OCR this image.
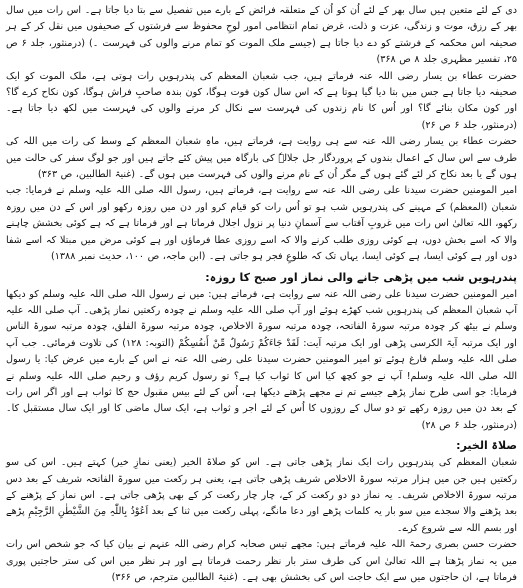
دی کے لئے متعین ہیں سال بھر کے لئے اُن کو اُن کے متعلقہ فرائض کے بارے میں تفصیل سے بتا دیا جاتا ہے۔ اس رات میں سال بھر کے رزق، موت و زندگی، عزت و ذلت، غرض تمام انتظامی امور لوحِ محفوظ سے فرشتوں کے صحیفوں میں نقل کر کے ہر صحیفہ اس محکمہ کے فرشتے کو دے دیا جاتا ہے (جیسے ملک الموت کو تمام مرنے والوں کی فہرست ۔) (درمنثور، جلد ۶ ص ۲۵، تفسیر مظہری جلد ۸ ص ۳۶۸)

حضرت عطاء بن یسار رضی اللہ عنہ فرماتے ہیں، جب شعبان المعظم کی پندرہویں رات ہوتی ہے، ملک الموت کو ایک صحیفہ دیا جاتا ہے جس میں بتا دیا گیا ہوتا ہے کہ اس سال کون فوت ہوگا، کون بندہ صاحبِ فراش ہوگا، کون نکاح کرے گا؟ اور کون مکان بنائے گا؟ اور اُس کا نام زندوں کی فہرست سے نکال کر مرنے والوں کی فہرست میں لکھ دیا جاتا ہے۔ (درمنثور، جلد ۶ ص ۲۶)

حضرت عطاء بن یسار رضی اللہ عنہ سے ہی روایت ہے، فرماتے ہیں، ماہِ شعبان المعظم کے وسط کی رات میں اللہ کی طرف سے اس سال کے اعمال بندوں کے پروردگار جل جلالہٗ کی بارگاہ میں پیش کئے جاتے ہیں اور جو لوگ سفر کی حالت میں ہوں گے یا بعد نکاح کر لئے گئے ہوں گے مگر اُن کے نام مرنے والوں کی فہرست میں ہوں گے۔ (غنیۃ الطالبین، ص ۳۶۳)

امیر المومنین حضرت سیدنا علی رضی اللہ عنہ سے روایت ہے، فرماتے ہیں، رسول اللہ صلی اللہ علیہ وسلم نے فرمایا: جب شعبان (المعظم) کے مہینے کی پندرہویں شب ہو تو اُس رات کو قیام کرو اور دن میں روزہ رکھو اور اس کے دن میں روزہ رکھو، اللہ تعالیٰ اس رات میں غروبِ آفتاب سے آسمانِ دنیا پر نزول اجلال فرماتا ہے اور فرماتا ہے کہ ہے کوئی بخشش چاہنے والا کہ اسے بخش دوں، ہے کوئی روزی طلب کرنے والا کہ اسے روزی عطا فرماؤں اور ہے کوئی مرض میں مبتلا کہ اسے شفا دوں اور ہے کوئی ایسا، ہے کوئی ایسا، یہاں تک کہ طلوعِ فجر ہو جاتی ہے۔ (ابن ماجہ، ص ۱۰۰، حدیث نمبر ۱۳۸۸)

پندرہویں شب میں پڑھی جانے والی نماز اور صبح کا روزہ:

امیر المومنین حضرت سیدنا علی رضی اللہ عنہ سے روایت ہے، فرماتے ہیں: میں نے رسول اللہ صلی اللہ علیہ وسلم کو دیکھا آپ شعبان المعظم کی پندرہویں شب کھڑے ہوئے اور آپ صلی اللہ علیہ وسلم نے چودہ رکعتیں نماز پڑھی۔ آپ صلی اللہ علیہ وسلم نے بیٹھ کر چودہ مرتبہ سورۃ الفاتحہ، چودہ مرتبہ سورۃ الاخلاص، چودہ مرتبہ سورۃ الفلق، چودہ مرتبہ سورۃ الناس اور ایک مرتبہ آیۃ الکرسی پڑھی اور ایک مرتبہ آیت: لَقَدْ جَاءَكُمْ رَسُولٌ مِّنْ أَنفُسِكُمْ (التوبہ: ۱۲۸) کی تلاوت فرمائی۔ جب آپ صلی اللہ علیہ وسلم فارغ ہوئے تو امیر المومنین حضرت سیدنا علی رضی اللہ عنہ نے اس کے بارے میں عرض کیا: یا رسول اللہ صلی اللہ علیہ وسلم! آپ نے جو کچھ کیا اس کا ثواب کیا ہے؟ تو رسول کریم رؤف و رحیم صلی اللہ علیہ وسلم نے فرمایا: جو اسی طرح نماز پڑھے جیسے تم نے مجھے پڑھتے دیکھا ہے، اُس کے لئے بیس مقبول حج کا ثواب ہے اور اگر اس رات کے بعد دن میں روزہ رکھے تو دو سال کے روزوں کا اُس کے لئے اجر و ثواب ہے، ایک سال ماضی کا اور ایک سال مستقبل کا۔ (درمنثور، جلد ۶ ص ۲۸)

صلاۃ الخیر:

شعبان المعظم کی پندرہویں رات ایک نماز پڑھی جاتی ہے۔ اس کو صلاۃ الخیر (یعنی نمازِ خیر) کہتے ہیں۔ اس کی سو رکعتیں ہیں جن میں ہزار مرتبہ سورۃ الاخلاص شریف پڑھی جاتی ہے، یعنی ہر رکعت میں سورۃ الفاتحہ شریف کے بعد دس مرتبہ سورۃ الاخلاص شریف۔ یہ نماز دو دو رکعت کر کے، چار چار رکعت کر کے بھی پڑھی جاتی ہے۔ اس نماز کے پڑھنے کے بعد پڑھنے والا سجدے میں سو بار یہ کلمات پڑھے اور دعا مانگے، پہلی رکعت میں ثنا کے بعد اَعُوْذُ بِاللّٰہِ مِنَ الشَّیْطٰنِ الرَّجِیْمِ پڑھے اور بسم اللہ سے شروع کرے۔

حضرت حسن بصری رحمۃ اللہ علیہ فرماتے ہیں: مجھے تیس صحابہ کرام رضی اللہ عنہم نے بیان کیا کہ جو شخص اس رات میں یہ نماز پڑھتا ہے اللہ تعالیٰ اس کی طرف ستر بار نظر رحمت فرماتا ہے اور ہر نظر میں اس کی ستر حاجتیں پوری فرماتا ہے، ان حاجتوں میں سے ایک حاجت اس کی بخشش بھی ہے۔ (غنیۃ الطالبین مترجم، ص ۳۶۶)
